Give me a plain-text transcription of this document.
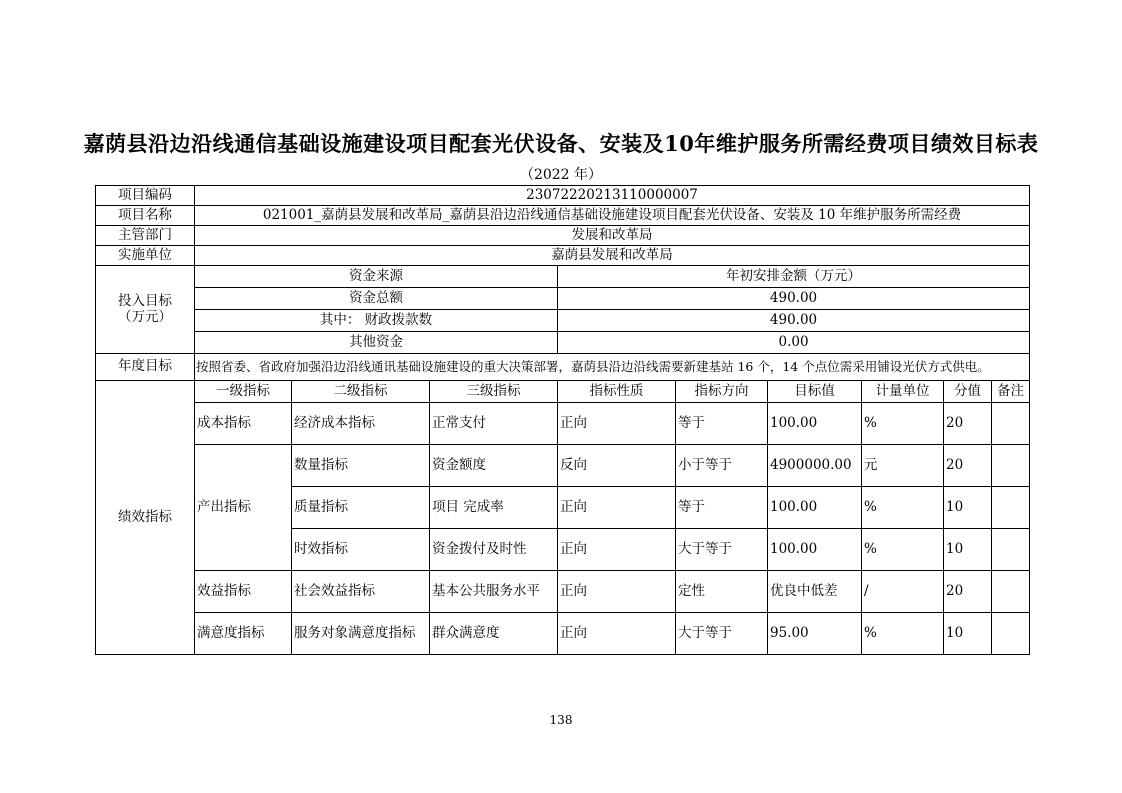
嘉荫县沿边沿线通信基础设施建设项目配套光伏设备、安装及10年维护服务所需经费项目绩效目标表
（2022 年）
项目编码	23072220213110000007								
项目名称	021001_嘉荫县发展和改革局_嘉荫县沿边沿线通信基础设施建设项目配套光伏设备、安装及 10 年维护服务所需经费								
主管部门	发展和改革局								
实施单位	嘉荫县发展和改革局								

投入目标
（万元）	资金来源			年初安排金额（万元）					
	资金总额			490.00					
	其中： 财政拨款数			490.00					
	其他资金			0.00					
年度目标	按照省委、省政府加强沿边沿线通讯基础设施建设的重大决策部署，嘉荫县沿边沿线需要新建基站 16 个，14 个点位需采用铺设光伏方式供电。								
绩效指标	一级指标	二级指标	三级指标	指标性质	指标方向	目标值	计量单位	分值	备注
	成本指标	经济成本指标	正常支付	正向	等于	100.00	%	20	
	产出指标	数量指标	资金额度	反向	小于等于	4900000.00	元	20	
		质量指标	项目 完成率	正向	等于	100.00	%	10	
		时效指标	资金拨付及时性	正向	大于等于	100.00	%	10	
	效益指标	社会效益指标	基本公共服务水平	正向	定性	优良中低差	/	20	
	满意度指标	服务对象满意度指标	群众满意度	正向	大于等于	95.00	%	10	
138
